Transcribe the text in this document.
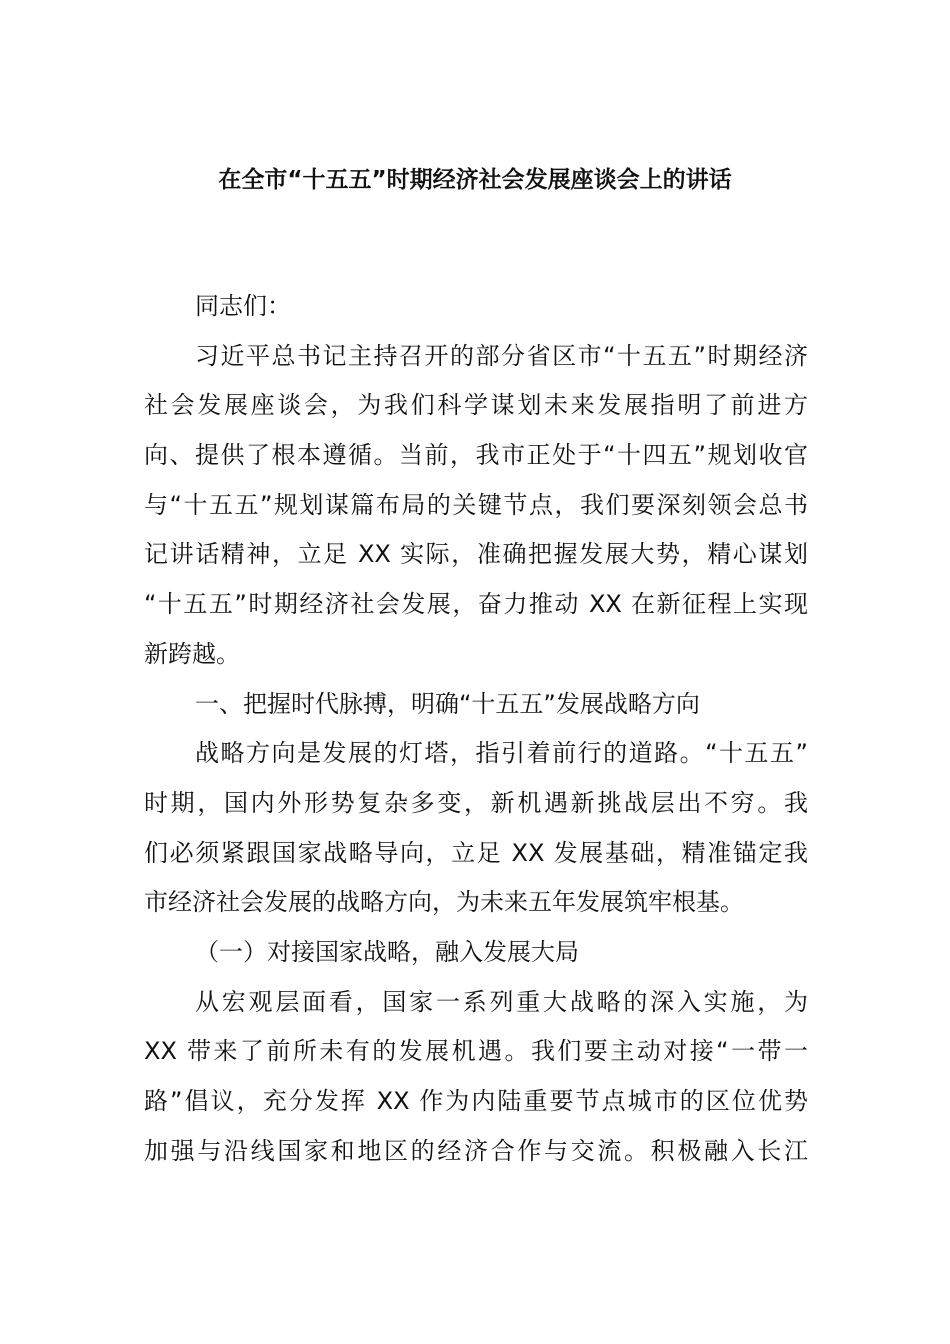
在全市“十五五”时期经济社会发展座谈会上的讲话
同志们：
习近平总书记主持召开的部分省区市“十五五”时期经济
社会发展座谈会，为我们科学谋划未来发展指明了前进方
向、提供了根本遵循。当前，我市正处于“十四五”规划收官
与“十五五”规划谋篇布局的关键节点，我们要深刻领会总书
记讲话精神，立足 XX 实际，准确把握发展大势，精心谋划
“十五五”时期经济社会发展，奋力推动 XX 在新征程上实现
新跨越。
一、把握时代脉搏，明确“十五五”发展战略方向
战略方向是发展的灯塔，指引着前行的道路。“十五五”
时期，国内外形势复杂多变，新机遇新挑战层出不穷。我
们必须紧跟国家战略导向，立足 XX 发展基础，精准锚定我
市经济社会发展的战略方向，为未来五年发展筑牢根基。
（一）对接国家战略，融入发展大局
从宏观层面看，国家一系列重大战略的深入实施，为
XX 带来了前所未有的发展机遇。我们要主动对接“一带一
路”倡议，充分发挥 XX 作为内陆重要节点城市的区位优势
加强与沿线国家和地区的经济合作与交流。积极融入长江
